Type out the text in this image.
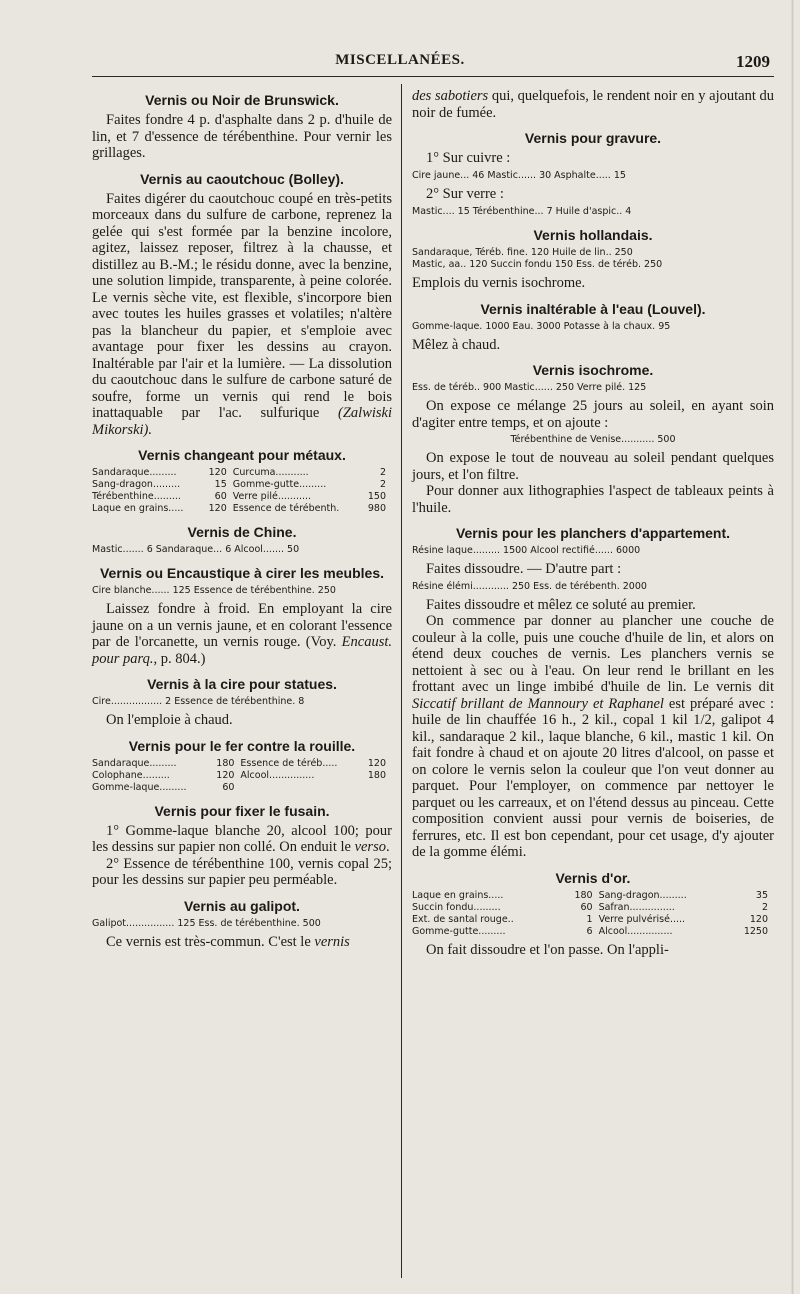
MISCELLANÉES.	1209
Vernis ou Noir de Brunswick.

Faites fondre 4 p. d'asphalte dans 2 p. d'huile de lin, et 7 d'essence de térébenthine. Pour vernir les grillages.

Vernis au caoutchouc (Bolley).

Faites digérer du caoutchouc coupé en très-petits morceaux dans du sulfure de carbone, reprenez la gelée qui s'est formée par la benzine incolore, agitez, laissez reposer, filtrez à la chausse, et distillez au B.-M.; le résidu donne, avec la benzine, une solution limpide, transparente, à peine colorée. Le vernis sèche vite, est flexible, s'incorpore bien avec toutes les huiles grasses et volatiles; n'altère pas la blancheur du papier, et s'emploie avec avantage pour fixer les dessins au crayon. Inaltérable par l'air et la lumière. — La dissolution du caoutchouc dans le sulfure de carbone saturé de soufre, forme un vernis qui rend le bois inattaquable par l'ac. sulfurique (Zalwiski Mikorski).

Vernis changeant pour métaux.
Sandaraque.........	120	Curcuma...........	2
Sang-dragon.........	15	Gomme-gutte.........	2
Térébenthine.........	60	Verre pilé...........	150
Laque en grains.....	120	Essence de térébenth.	980
Vernis de Chine.
Mastic....... 6 Sandaraque... 6 Alcool....... 50
Vernis ou Encaustique à cirer les meubles.
Cire blanche...... 125 Essence de térébenthine. 250

Laissez fondre à froid. En employant la cire jaune on a un vernis jaune, et en colorant l'essence par de l'orcanette, un vernis rouge. (Voy. Encaust. pour parq., p. 804.)

Vernis à la cire pour statues.
Cire................. 2 Essence de térébenthine. 8

On l'emploie à chaud.

Vernis pour le fer contre la rouille.
Sandaraque.........	180	Essence de téréb.....	120
Colophane.........	120	Alcool...............	180
Gomme-laque.........	60		
Vernis pour fixer le fusain.

1° Gomme-laque blanche 20, alcool 100; pour les dessins sur papier non collé. On enduit le verso.

2° Essence de térébenthine 100, vernis copal 25; pour les dessins sur papier peu perméable.

Vernis au galipot.
Galipot................ 125 Ess. de térébenthine. 500

Ce vernis est très-commun. C'est le vernis

des sabotiers qui, quelquefois, le rendent noir en y ajoutant du noir de fumée.

Vernis pour gravure.
1° Sur cuivre :
Cire jaune... 46 Mastic...... 30 Asphalte..... 15
2° Sur verre :
Mastic.... 15 Térébenthine... 7 Huile d'aspic.. 4
Vernis hollandais.
Sandaraque, Téréb. fine. 120 Huile de lin.. 250
Mastic, aa.. 120 Succin fondu 150 Ess. de téréb. 250

Emplois du vernis isochrome.

Vernis inaltérable à l'eau (Louvel).
Gomme-laque. 1000 Eau. 3000 Potasse à la chaux. 95

Mêlez à chaud.

Vernis isochrome.
Ess. de téréb.. 900 Mastic...... 250 Verre pilé. 125

On expose ce mélange 25 jours au soleil, en ayant soin d'agiter entre temps, et on ajoute :

Térébenthine de Venise........... 500

On expose le tout de nouveau au soleil pendant quelques jours, et l'on filtre.

Pour donner aux lithographies l'aspect de tableaux peints à l'huile.

Vernis pour les planchers d'appartement.
Résine laque......... 1500 Alcool rectifié...... 6000

Faites dissoudre. — D'autre part :

Résine élémi............ 250 Ess. de térébenth. 2000

Faites dissoudre et mêlez ce soluté au premier.

On commence par donner au plancher une couche de couleur à la colle, puis une couche d'huile de lin, et alors on étend deux couches de vernis. Les planchers vernis se nettoient à sec ou à l'eau. On leur rend le brillant en les frottant avec un linge imbibé d'huile de lin. Le vernis dit Siccatif brillant de Mannoury et Raphanel est préparé avec : huile de lin chauffée 16 h., 2 kil., copal 1 kil 1/2, galipot 4 kil., sandaraque 2 kil., laque blanche, 6 kil., mastic 1 kil. On fait fondre à chaud et on ajoute 20 litres d'alcool, on passe et on colore le vernis selon la couleur que l'on veut donner au parquet. Pour l'employer, on commence par nettoyer le parquet ou les carreaux, et on l'étend dessus au pinceau. Cette composition convient aussi pour vernis de boiseries, de ferrures, etc. Il est bon cependant, pour cet usage, d'y ajouter de la gomme élémi.

Vernis d'or.
Laque en grains.....	180	Sang-dragon.........	35
Succin fondu.........	60	Safran...............	2
Ext. de santal rouge..	1	Verre pulvérisé.....	120
Gomme-gutte.........	6	Alcool...............	1250

On fait dissoudre et l'on passe. On l'appli-
